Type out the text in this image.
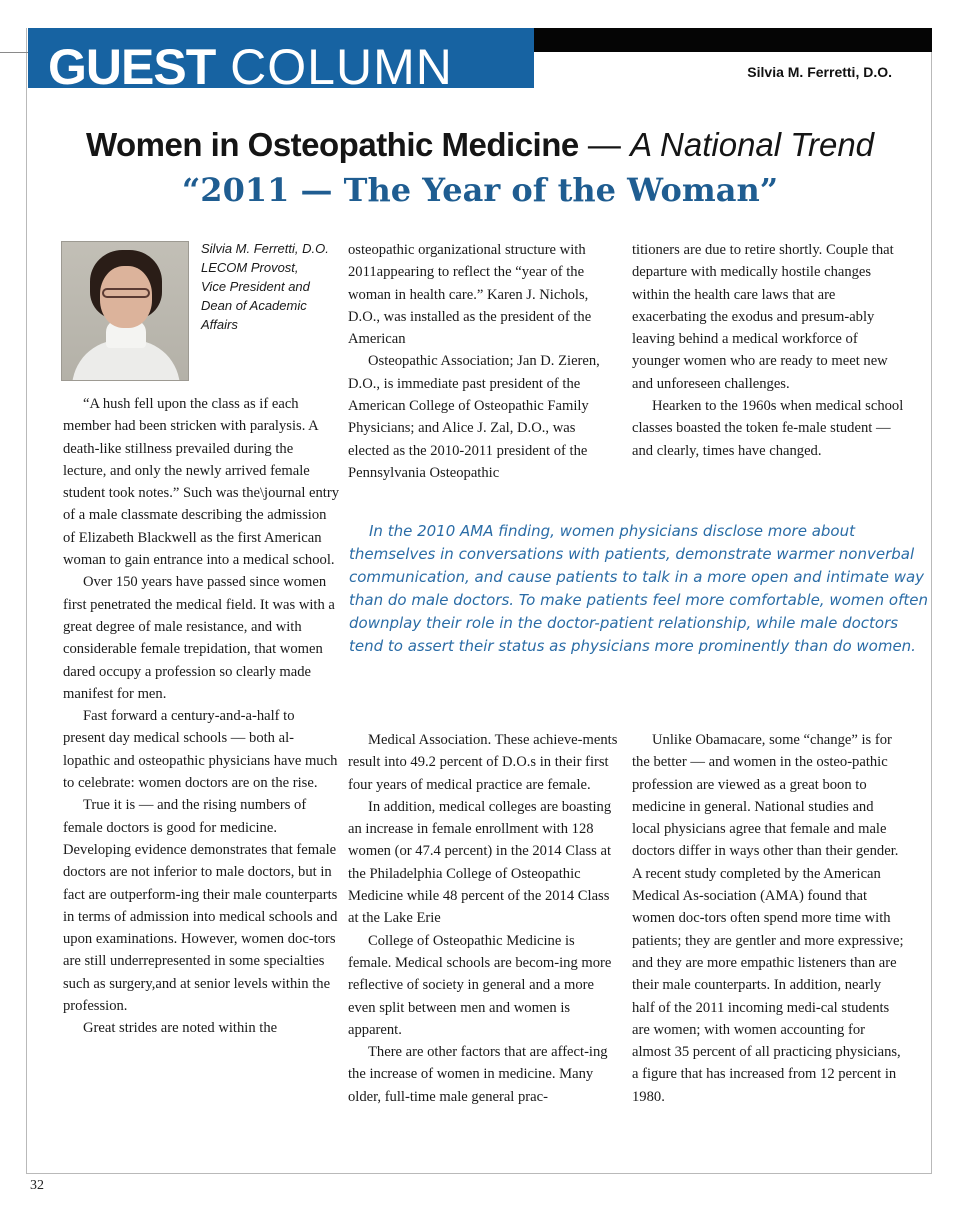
GUEST COLUMN	Silvia M. Ferretti, D.O.
Women in Osteopathic Medicine — A National Trend
“2011 — The Year of the Woman”
Silvia M. Ferretti, D.O.
LECOM Provost,
Vice President and
Dean of Academic
Affairs

“A hush fell upon the class as if each member had been stricken with paralysis. A death-like stillness prevailed during the lecture, and only the newly arrived female student took notes.” Such was the\journal entry of a male classmate describing the admission of Elizabeth Blackwell as the first American woman to gain entrance into a medical school.

Over 150 years have passed since women first penetrated the medical field. It was with a great degree of male resistance, and with considerable female trepidation, that women dared occupy a profession so clearly made manifest for men.

Fast forward a century-and-a-half to present day medical schools — both al-lopathic and osteopathic physicians have much to celebrate: women doctors are on the rise.

True it is — and the rising numbers of female doctors is good for medicine. Developing evidence demonstrates that female doctors are not inferior to male doctors, but in fact are outperform-ing their male counterparts in terms of admission into medical schools and upon examinations. However, women doc-tors are still underrepresented in some specialties such as surgery,and at senior levels within the profession.

Great strides are noted within the

osteopathic organizational structure with 2011appearing to reflect the “year of the woman in health care.” Karen J. Nichols, D.O., was installed as the president of the American

Osteopathic Association; Jan D. Zieren, D.O., is immediate past president of the American College of Osteopathic Family Physicians; and Alice J. Zal, D.O., was elected as the 2010-2011 president of the Pennsylvania Osteopathic

titioners are due to retire shortly. Couple that departure with medically hostile changes within the health care laws that are exacerbating the exodus and presum-ably leaving behind a medical workforce of younger women who are ready to meet new and unforeseen challenges.

Hearken to the 1960s when medical school classes boasted the token fe-male student — and clearly, times have changed.

In the 2010 AMA finding, women physicians disclose more about
themselves in conversations with patients, demonstrate warmer nonverbal
communication, and cause patients to talk in a more open and intimate way
than do male doctors. To make patients feel more comfortable, women often
downplay their role in the doctor-patient relationship, while male doctors
tend to assert their status as physicians more prominently than do women.

Medical Association. These achieve-ments result into 49.2 percent of D.O.s in their first four years of medical practice are female.

In addition, medical colleges are boasting an increase in female enrollment with 128 women (or 47.4 percent) in the 2014 Class at the Philadelphia College of Osteopathic Medicine while 48 percent of the 2014 Class at the Lake Erie

College of Osteopathic Medicine is female. Medical schools are becom-ing more reflective of society in general and a more even split between men and women is apparent.

There are other factors that are affect-ing the increase of women in medicine. Many older, full-time male general prac-

Unlike Obamacare, some “change” is for the better — and women in the osteo-pathic profession are viewed as a great boon to medicine in general. National studies and local physicians agree that female and male doctors differ in ways other than their gender. A recent study completed by the American Medical As-sociation (AMA) found that women doc-tors often spend more time with patients; they are gentler and more expressive; and they are more empathic listeners than are their male counterparts. In addition, nearly half of the 2011 incoming medi-cal students are women; with women accounting for almost 35 percent of all practicing physicians, a figure that has increased from 12 percent in 1980.

32
